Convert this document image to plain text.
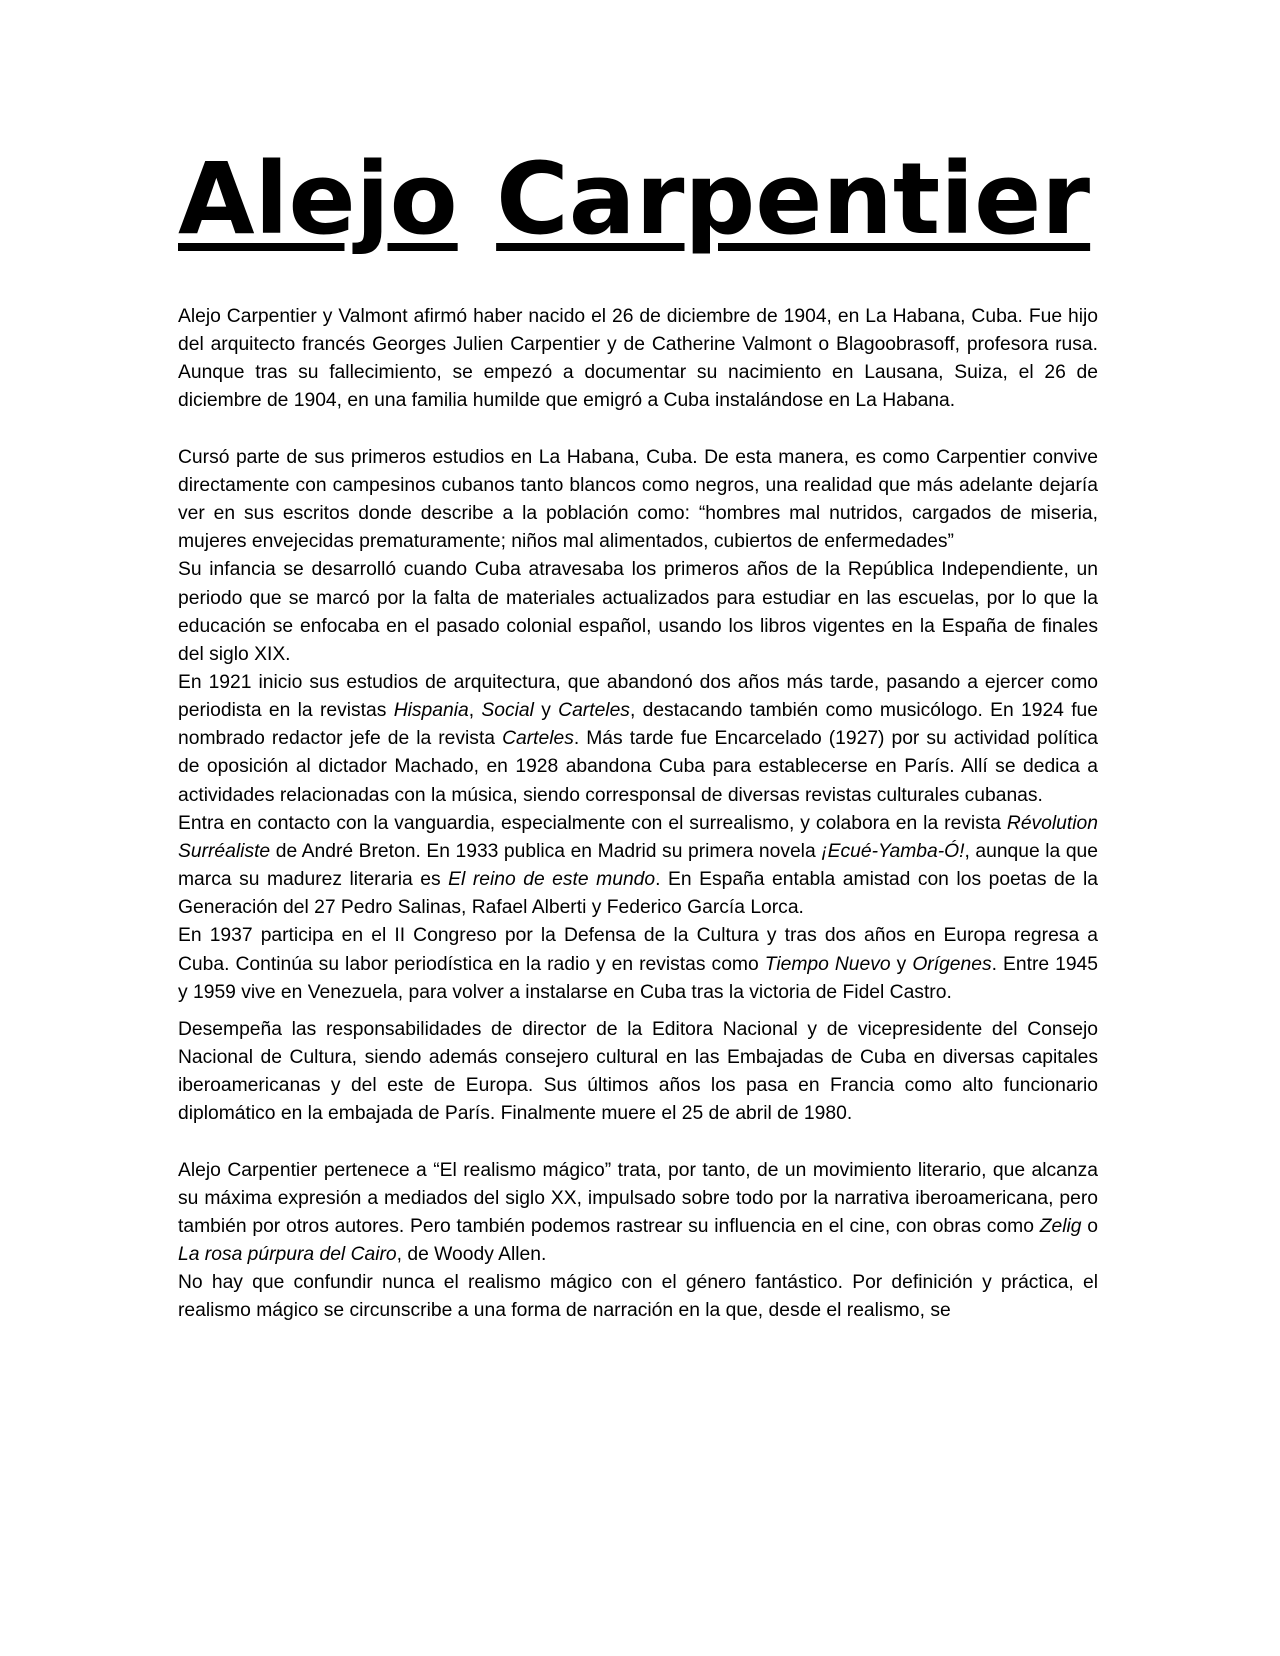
Alejo Carpentier

Alejo Carpentier y Valmont afirmó haber nacido el 26 de diciembre de 1904, en La Habana, Cuba. Fue hijo del arquitecto francés Georges Julien Carpentier y de Catherine Valmont o Blagoobrasoff, profesora rusa. Aunque tras su fallecimiento, se empezó a documentar su nacimiento en Lausana, Suiza, el 26 de diciembre de 1904, en una familia humilde que emigró a Cuba instalándose en La Habana.

Cursó parte de sus primeros estudios en La Habana, Cuba. De esta manera, es como Carpentier convive directamente con campesinos cubanos tanto blancos como negros, una realidad que más adelante dejaría ver en sus escritos donde describe a la población como: “hombres mal nutridos, cargados de miseria, mujeres envejecidas prematuramente; niños mal alimentados, cubiertos de enfermedades”

Su infancia se desarrolló cuando Cuba atravesaba los primeros años de la República Independiente, un periodo que se marcó por la falta de materiales actualizados para estudiar en las escuelas, por lo que la educación se enfocaba en el pasado colonial español, usando los libros vigentes en la España de finales del siglo XIX.

En 1921 inicio sus estudios de arquitectura, que abandonó dos años más tarde, pasando a ejercer como periodista en la revistas Hispania, Social y Carteles, destacando también como musicólogo. En 1924 fue nombrado redactor jefe de la revista Carteles. Más tarde fue Encarcelado (1927) por su actividad política de oposición al dictador Machado, en 1928 abandona Cuba para establecerse en París. Allí se dedica a actividades relacionadas con la música, siendo corresponsal de diversas revistas culturales cubanas.

Entra en contacto con la vanguardia, especialmente con el surrealismo, y colabora en la revista Révolution Surréaliste de André Breton. En 1933 publica en Madrid su primera novela ¡Ecué-Yamba-Ó!, aunque la que marca su madurez literaria es El reino de este mundo. En España entabla amistad con los poetas de la Generación del 27 Pedro Salinas, Rafael Alberti y Federico García Lorca.

En 1937 participa en el II Congreso por la Defensa de la Cultura y tras dos años en Europa regresa a Cuba. Continúa su labor periodística en la radio y en revistas como Tiempo Nuevo y Orígenes. Entre 1945 y 1959 vive en Venezuela, para volver a instalarse en Cuba tras la victoria de Fidel Castro.

Desempeña las responsabilidades de director de la Editora Nacional y de vicepresidente del Consejo Nacional de Cultura, siendo además consejero cultural en las Embajadas de Cuba en diversas capitales iberoamericanas y del este de Europa. Sus últimos años los pasa en Francia como alto funcionario diplomático en la embajada de París. Finalmente muere el 25 de abril de 1980.

Alejo Carpentier pertenece a “El realismo mágico” trata, por tanto, de un movimiento literario, que alcanza su máxima expresión a mediados del siglo XX, impulsado sobre todo por la narrativa iberoamericana, pero también por otros autores. Pero también podemos rastrear su influencia en el cine, con obras como Zelig o La rosa púrpura del Cairo, de Woody Allen.

No hay que confundir nunca el realismo mágico con el género fantástico. Por definición y práctica, el realismo mágico se circunscribe a una forma de narración en la que, desde el realismo, se
